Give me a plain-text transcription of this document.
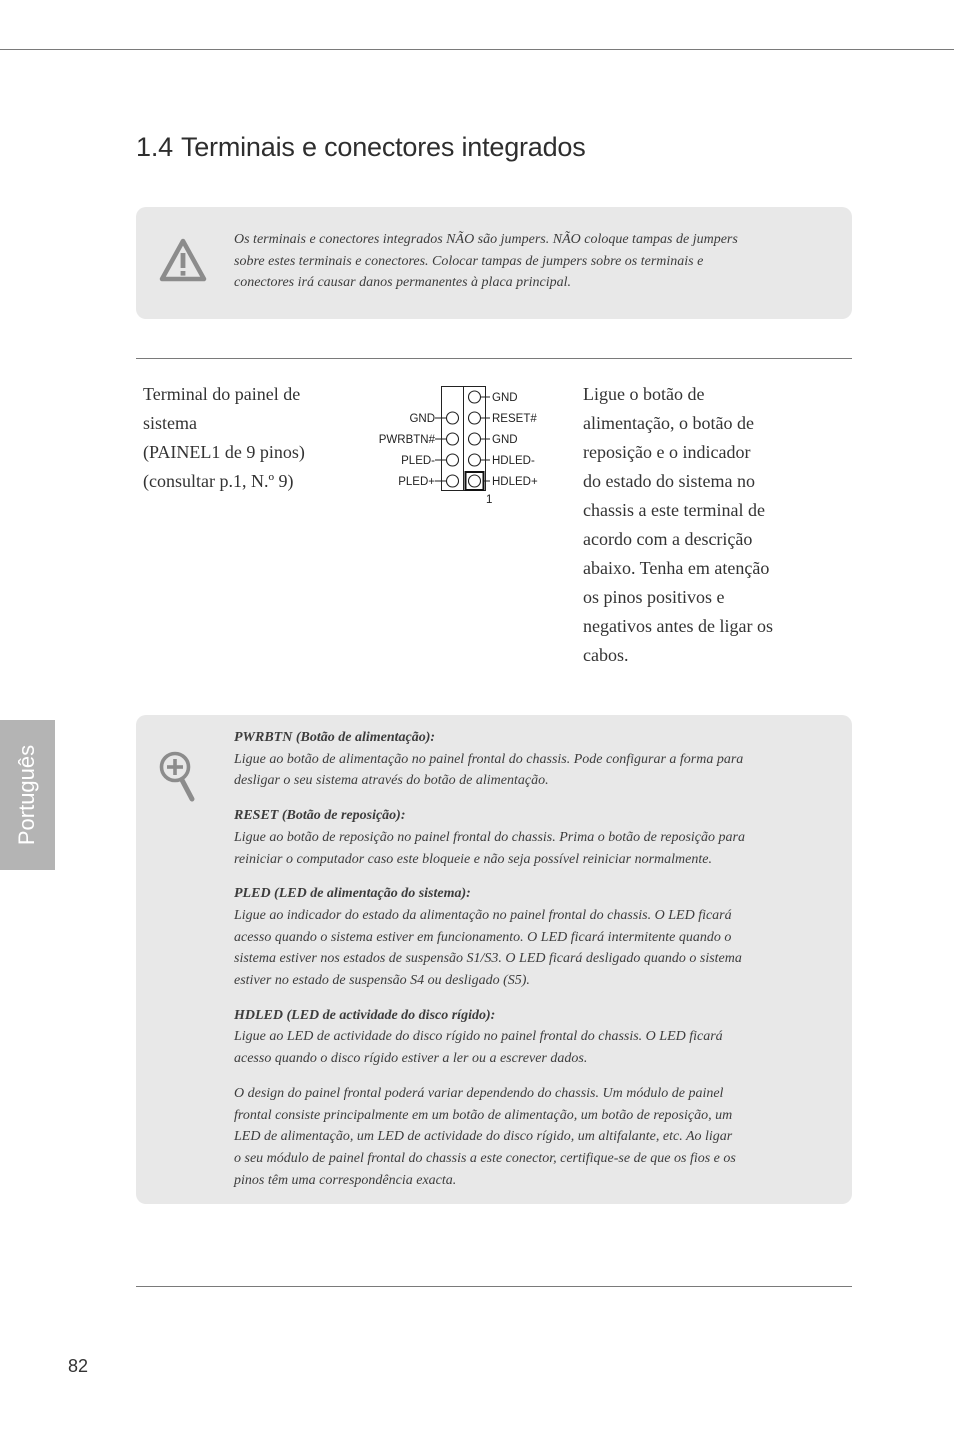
1.4 Terminais e conectores integrados
Os terminais e conectores integrados NÃO são jumpers. NÃO coloque tampas de jumpers
sobre estes terminais e conectores. Colocar tampas de jumpers sobre os terminais e
conectores irá causar danos permanentes à placa principal.
Terminal do painel de
sistema
(PAINEL1 de 9 pinos)
(consultar p.1, N.º 9)
GND
PWRBTN#
PLED-
PLED+
GND
RESET#
GND
HDLED-
HDLED+
1
Ligue o botão de
alimentação, o botão de
reposição e o indicador
do estado do sistema no
chassis a este terminal de
acordo com a descrição
abaixo. Tenha em atenção
os pinos positivos e
negativos antes de ligar os
cabos.
Português
PWRBTN (Botão de alimentação):
Ligue ao botão de alimentação no painel frontal do chassis. Pode configurar a forma para
desligar o seu sistema através do botão de alimentação.
RESET (Botão de reposição):
Ligue ao botão de reposição no painel frontal do chassis. Prima o botão de reposição para
reiniciar o computador caso este bloqueie e não seja possível reiniciar normalmente.
PLED (LED de alimentação do sistema):
Ligue ao indicador do estado da alimentação no painel frontal do chassis. O LED ficará
acesso quando o sistema estiver em funcionamento. O LED ficará intermitente quando o
sistema estiver nos estados de suspensão S1/S3. O LED ficará desligado quando o sistema
estiver no estado de suspensão S4 ou desligado (S5).
HDLED (LED de actividade do disco rígido):
Ligue ao LED de actividade do disco rígido no painel frontal do chassis. O LED ficará
acesso quando o disco rígido estiver a ler ou a escrever dados.
O design do painel frontal poderá variar dependendo do chassis. Um módulo de painel
frontal consiste principalmente em um botão de alimentação, um botão de reposição, um
LED de alimentação, um LED de actividade do disco rígido, um altifalante, etc. Ao ligar
o seu módulo de painel frontal do chassis a este conector, certifique-se de que os fios e os
pinos têm uma correspondência exacta.
82
